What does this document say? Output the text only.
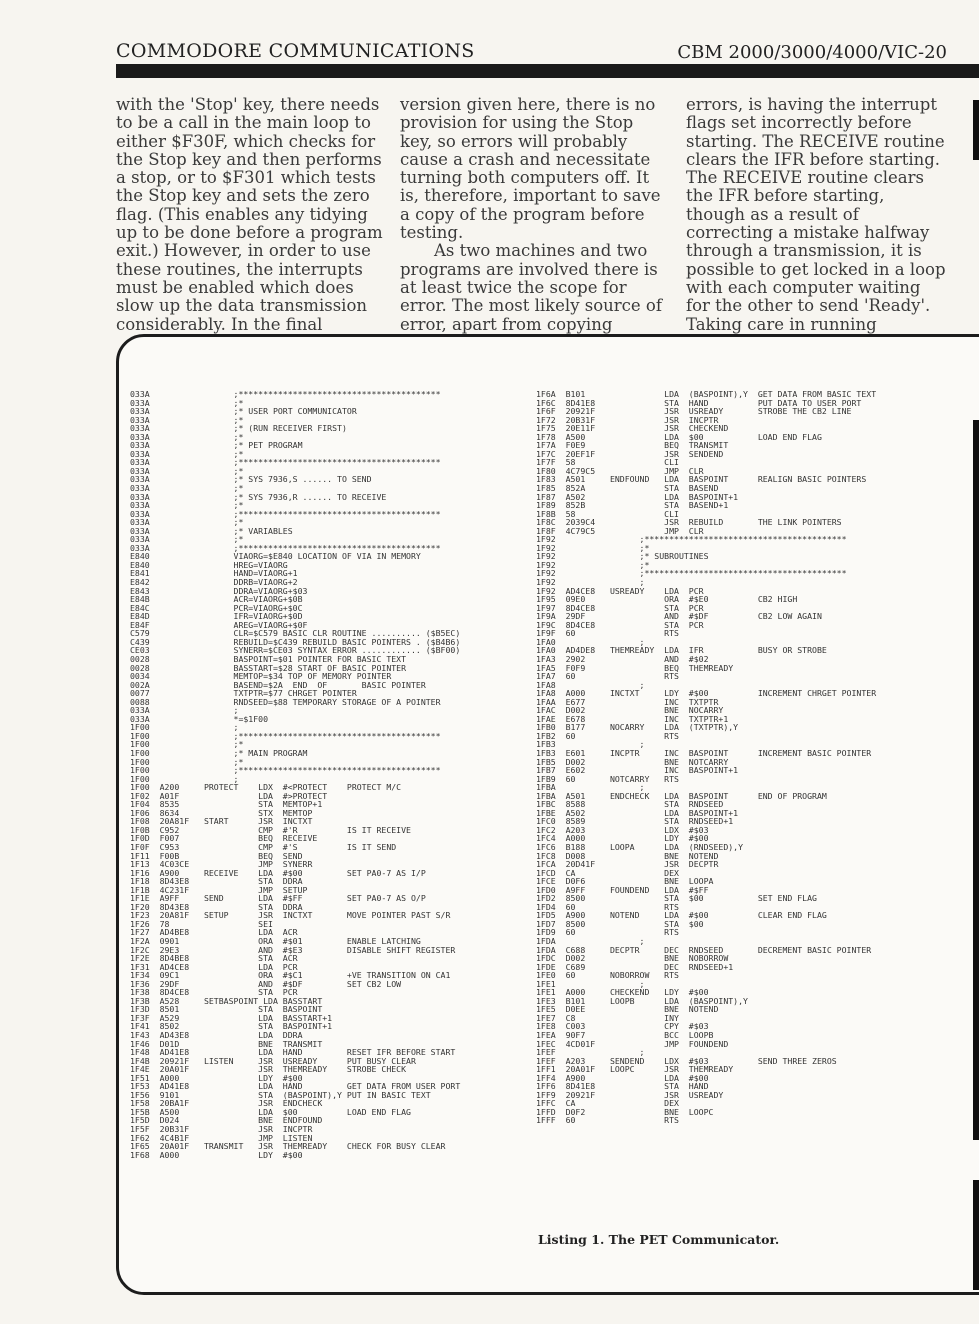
COMMODORE COMMUNICATIONS	CBM 2000/3000/4000/VIC-20

with the 'Stop' key, there needs to be a call in the main loop to either $F30F, which checks for the Stop key and then performs a stop, or to $F301 which tests the Stop key and sets the zero flag. (This enables any tidying up to be done before a program exit.) However, in order to use these routines, the interrupts must be enabled which does slow up the data transmission considerably. In the final

version given here, there is no provision for using the Stop key, so errors will probably cause a crash and necessitate turning both computers off. It is, therefore, important to save a copy of the program before testing.

As two machines and two programs are involved there is at least twice the scope for error. The most likely source of error, apart from copying

errors, is having the interrupt flags set incorrectly before starting. The RECEIVE routine clears the IFR before starting. The RECEIVE routine clears the IFR before starting, though as a result of correcting a mistake halfway through a transmission, it is possible to get locked in a loop with each computer waiting for the other to send 'Ready'. Taking care in running

033A                 ;*****************************************
033A                 ;*
033A                 ;* USER PORT COMMUNICATOR
033A                 ;*
033A                 ;* (RUN RECEIVER FIRST)
033A                 ;*
033A                 ;* PET PROGRAM
033A                 ;*
033A                 ;*****************************************
033A                 ;*
033A                 ;* SYS 7936,S ...... TO SEND
033A                 ;*
033A                 ;* SYS 7936,R ...... TO RECEIVE
033A                 ;*
033A                 ;*****************************************
033A                 ;*
033A                 ;* VARIABLES
033A                 ;*
033A                 ;*****************************************
E840                 VIAORG=$E840 LOCATION OF VIA IN MEMORY
E840                 HREG=VIAORG
E841                 HAND=VIAORG+1
E842                 DDRB=VIAORG+2
E843                 DDRA=VIAORG+$03
E84B                 ACR=VIAORG+$0B
E84C                 PCR=VIAORG+$0C
E84D                 IFR=VIAORG+$0D
E84F                 AREG=VIAORG+$0F
C579                 CLR=$C579 BASIC CLR ROUTINE .......... ($B5EC)
C439                 REBUILD=$C439 REBUILD BASIC POINTERS . ($B4B6)
CE03                 SYNERR=$CE03 SYNTAX ERROR ............ ($BF00)
0028                 BASPOINT=$01 POINTER FOR BASIC TEXT
0028                 BASSTART=$28 START OF BASIC POINTER
0034                 MEMTOP=$34 TOP OF MEMORY POINTER
002A                 BASEND=$2A  END  OF       BASIC POINTER
0077                 TXTPTR=$77 CHRGET POINTER
0088                 RNDSEED=$88 TEMPORARY STORAGE OF A POINTER
033A                 ;
033A                 *=$1F00
1F00                 ;
1F00                 ;*****************************************
1F00                 ;*
1F00                 ;* MAIN PROGRAM
1F00                 ;*
1F00                 ;*****************************************
1F00                 ;
1F00  A200     PROTECT    LDX  #<PROTECT    PROTECT M/C
1F02  A01F                LDA  #>PROTECT
1F04  8535                STA  MEMTOP+1
1F06  8634                STX  MEMTOP
1F08  20A81F   START      JSR  INCTXT
1F0B  C952                CMP  #'R          IS IT RECEIVE
1F0D  F007                BEQ  RECEIVE
1F0F  C953                CMP  #'S          IS IT SEND
1F11  F00B                BEQ  SEND
1F13  4C03CE              JMP  SYNERR
1F16  A900     RECEIVE    LDA  #$00         SET PA0-7 AS I/P
1F18  8D43E8              STA  DDRA
1F1B  4C231F              JMP  SETUP
1F1E  A9FF     SEND       LDA  #$FF         SET PA0-7 AS O/P
1F20  8D43E8              STA  DDRA
1F23  20A81F   SETUP      JSR  INCTXT       MOVE POINTER PAST S/R
1F26  78                  SEI
1F27  AD4BE8              LDA  ACR
1F2A  0901                ORA  #$01         ENABLE LATCHING
1F2C  29E3                AND  #$E3         DISABLE SHIFT REGISTER
1F2E  8D4BE8              STA  ACR
1F31  AD4CE8              LDA  PCR
1F34  09C1                ORA  #$C1         +VE TRANSITION ON CA1
1F36  29DF                AND  #$DF         SET CB2 LOW
1F38  8D4CE8              STA  PCR
1F3B  A528     SETBASPOINT LDA BASSTART
1F3D  8501                STA  BASPOINT
1F3F  A529                LDA  BASSTART+1
1F41  8502                STA  BASPOINT+1
1F43  AD43E8              LDA  DDRA
1F46  D01D                BNE  TRANSMIT
1F48  AD41E8              LDA  HAND         RESET IFR BEFORE START
1F4B  20921F   LISTEN     JSR  USREADY      PUT BUSY CLEAR
1F4E  20A01F              JSR  THEMREADY    STROBE CHECK
1F51  A000                LDY  #$00
1F53  AD41E8              LDA  HAND         GET DATA FROM USER PORT
1F56  9101                STA  (BASPOINT),Y PUT IN BASIC TEXT
1F58  20BA1F              JSR  ENDCHECK
1F5B  A500                LDA  $00          LOAD END FLAG
1F5D  D024                BNE  ENDFOUND
1F5F  20B31F              JSR  INCPTR
1F62  4C4B1F              JMP  LISTEN
1F65  20A01F   TRANSMIT   JSR  THEMREADY    CHECK FOR BUSY CLEAR
1F68  A000                LDY  #$00
1F6A  B101                LDA  (BASPOINT),Y  GET DATA FROM BASIC TEXT
1F6C  8D41E8              STA  HAND          PUT DATA TO USER PORT
1F6F  20921F              JSR  USREADY       STROBE THE CB2 LINE
1F72  20B31F              JSR  INCPTR
1F75  20E11F              JSR  CHECKEND
1F78  A500                LDA  $00           LOAD END FLAG
1F7A  F0E9                BEQ  TRANSMIT
1F7C  20EF1F              JSR  SENDEND
1F7F  58                  CLI
1F80  4C79C5              JMP  CLR
1F83  A501     ENDFOUND   LDA  BASPOINT      REALIGN BASIC POINTERS
1F85  852A                STA  BASEND
1F87  A502                LDA  BASPOINT+1
1F89  852B                STA  BASEND+1
1F8B  58                  CLI
1F8C  2039C4              JSR  REBUILD       THE LINK POINTERS
1F8F  4C79C5              JMP  CLR
1F92                 ;*****************************************
1F92                 ;*
1F92                 ;* SUBROUTINES
1F92                 ;*
1F92                 ;*****************************************
1F92                 ;
1F92  AD4CE8   USREADY    LDA  PCR
1F95  09E0                ORA  #$E0          CB2 HIGH
1F97  8D4CE8              STA  PCR
1F9A  29DF                AND  #$DF          CB2 LOW AGAIN
1F9C  8D4CE8              STA  PCR
1F9F  60                  RTS
1FA0                 ;
1FA0  AD4DE8   THEMREADY  LDA  IFR           BUSY OR STROBE
1FA3  2902                AND  #$02
1FA5  F0F9                BEQ  THEMREADY
1FA7  60                  RTS
1FA8                 ;
1FA8  A000     INCTXT     LDY  #$00          INCREMENT CHRGET POINTER
1FAA  E677                INC  TXTPTR
1FAC  D002                BNE  NOCARRY
1FAE  E678                INC  TXTPTR+1
1FB0  B177     NOCARRY    LDA  (TXTPTR),Y
1FB2  60                  RTS
1FB3                 ;
1FB3  E601     INCPTR     INC  BASPOINT      INCREMENT BASIC POINTER
1FB5  D002                BNE  NOTCARRY
1FB7  E602                INC  BASPOINT+1
1FB9  60       NOTCARRY   RTS
1FBA                 ;
1FBA  A501     ENDCHECK   LDA  BASPOINT      END OF PROGRAM
1FBC  8588                STA  RNDSEED
1FBE  A502                LDA  BASPOINT+1
1FC0  8589                STA  RNDSEED+1
1FC2  A203                LDX  #$03
1FC4  A000                LDY  #$00
1FC6  B188     LOOPA      LDA  (RNDSEED),Y
1FC8  D008                BNE  NOTEND
1FCA  20D41F              JSR  DECPTR
1FCD  CA                  DEX
1FCE  D0F6                BNE  LOOPA
1FD0  A9FF     FOUNDEND   LDA  #$FF
1FD2  8500                STA  $00           SET END FLAG
1FD4  60                  RTS
1FD5  A900     NOTEND     LDA  #$00          CLEAR END FLAG
1FD7  8500                STA  $00
1FD9  60                  RTS
1FDA                 ;
1FDA  C688     DECPTR     DEC  RNDSEED       DECREMENT BASIC POINTER
1FDC  D002                BNE  NOBORROW
1FDE  C689                DEC  RNDSEED+1
1FE0  60       NOBORROW   RTS
1FE1                 ;
1FE1  A000     CHECKEND   LDY  #$00
1FE3  B101     LOOPB      LDA  (BASPOINT),Y
1FE5  D0EE                BNE  NOTEND
1FE7  C8                  INY
1FE8  C003                CPY  #$03
1FEA  90F7                BCC  LOOPB
1FEC  4CD01F              JMP  FOUNDEND
1FEF                 ;
1FEF  A203     SENDEND    LDX  #$03          SEND THREE ZEROS
1FF1  20A01F   LOOPC      JSR  THEMREADY
1FF4  A900                LDA  #$00
1FF6  8D41E8              STA  HAND
1FF9  20921F              JSR  USREADY
1FFC  CA                  DEX
1FFD  D0F2                BNE  LOOPC
1FFF  60                  RTS
Listing 1. The PET Communicator.
